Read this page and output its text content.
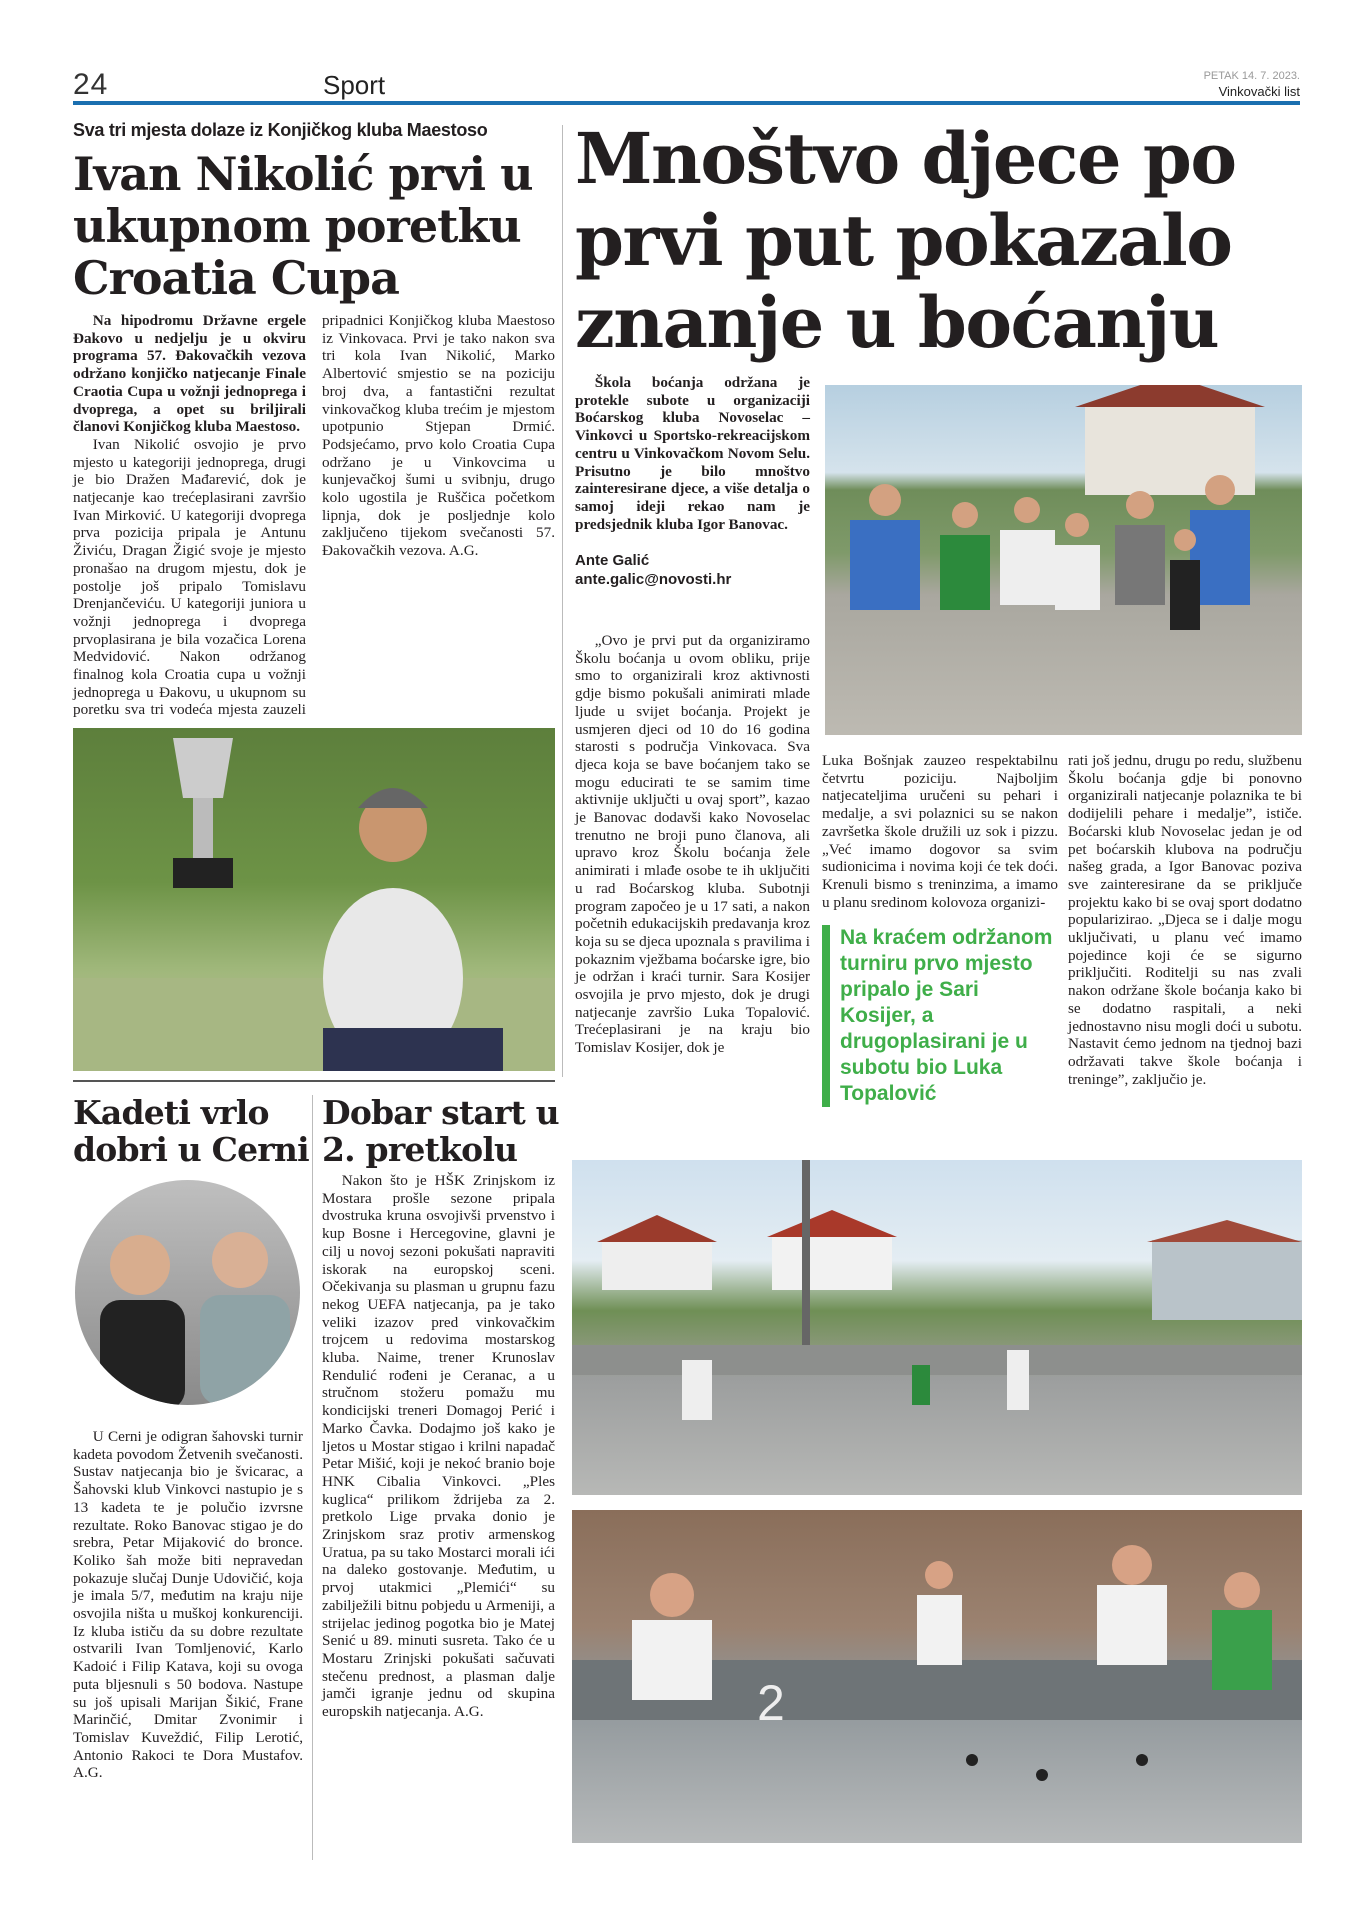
24	Sport	PETAK 14. 7. 2023.
Vinkovački list
Sva tri mjesta dolaze iz Konjičkog kluba Maestoso
Ivan Nikolić prvi u ukupnom poretku Croatia Cupa

Na hipodromu Državne ergele Đakovo u nedjelju je u okviru programa 57. Đakovačkih vezova održano konjičko natjecanje Finale Craotia Cupa u vožnji jednoprega i dvoprega, a opet su briljirali članovi Konjičkog kluba Maestoso.

Ivan Nikolić osvojio je prvo mjesto u kategoriji jednoprega, drugi je bio Dražen Mađarević, dok je natjecanje kao trećeplasirani završio Ivan Mirković. U kategoriji dvoprega prva pozicija pripala je Antunu Živiću, Dragan Žigić svoje je mjesto pronašao na drugom mjestu, dok je postolje još pripalo Tomislavu Drenjančeviću. U kategoriji juniora u vožnji jednoprega i dvoprega prvoplasirana je bila vozačica Lorena Medvidović. Nakon održanog finalnog kola Croatia cupa u vožnji jednoprega u Đakovu, u ukupnom su poretku sva tri vodeća mjesta zauzeli pripadnici Konjičkog kluba Maestoso iz Vinkovaca. Prvi je tako nakon sva tri kola Ivan Nikolić, Marko Albertović smjestio se na poziciju broj dva, a fantastični rezultat vinkovačkog kluba trećim je mjestom upotpunio Stjepan Drmić. Podsjećamo, prvo kolo Croatia Cupa održano je u Vinkovcima u kunjevačkoj šumi u svibnju, drugo kolo ugostila je Ruščica početkom lipnja, dok je posljednje kolo zaključeno tijekom svečanosti 57. Đakovačkih vezova. A.G.

Kadeti vrlo dobri u Cerni

U Cerni je odigran šahovski turnir kadeta povodom Žetvenih svečanosti. Sustav natjecanja bio je švicarac, a Šahovski klub Vinkovci nastupio je s 13 kadeta te je polučio izvrsne rezultate. Roko Banovac stigao je do srebra, Petar Mijaković do bronce. Koliko šah može biti nepravedan pokazuje slučaj Dunje Udovičić, koja je imala 5/7, međutim na kraju nije osvojila ništa u muškoj konkurenciji. Iz kluba ističu da su dobre rezultate ostvarili Ivan Tomljenović, Karlo Kadoić i Filip Katava, koji su ovoga puta bljesnuli s 50 bodova. Nastupe su još upisali Marijan Šikić, Frane Marinčić, Dmitar Zvonimir i Tomislav Kuveždić, Filip Lerotić, Antonio Rakoci te Dora Mustafov. A.G.

Dobar start u 2. pretkolu

Nakon što je HŠK Zrinjskom iz Mostara prošle sezone pripala dvostruka kruna osvojivši prvenstvo i kup Bosne i Hercegovine, glavni je cilj u novoj sezoni pokušati napraviti iskorak na europskoj sceni. Očekivanja su plasman u grupnu fazu nekog UEFA natjecanja, pa je tako veliki izazov pred vinkovačkim trojcem u redovima mostarskog kluba. Naime, trener Krunoslav Rendulić rođeni je Ceranac, a u stručnom stožeru pomažu mu kondicijski treneri Domagoj Perić i Marko Čavka. Dodajmo još kako je ljetos u Mostar stigao i krilni napadač Petar Mišić, koji je nekoć branio boje HNK Cibalia Vinkovci. „Ples kuglica“ prilikom ždrijeba za 2. pretkolo Lige prvaka donio je Zrinjskom sraz protiv armenskog Uratua, pa su tako Mostarci morali ići na daleko gostovanje. Međutim, u prvoj utakmici „Plemići“ su zabilježili bitnu pobjedu u Armeniji, a strijelac jedinog pogotka bio je Matej Senić u 89. minuti susreta. Tako će u Mostaru Zrinjski pokušati sačuvati stečenu prednost, a plasman dalje jamči igranje jednu od skupina europskih natjecanja. A.G.

Mnoštvo djece po prvi put pokazalo znanje u boćanju

Škola boćanja održana je protekle subote u organizaciji Boćarskog kluba Novoselac – Vinkovci u Sportsko-rekreacijskom centru u Vinkovačkom Novom Selu. Prisutno je bilo mnoštvo zainteresirane djece, a više detalja o samoj ideji rekao nam je predsjednik kluba Igor Banovac.

Ante Galić
ante.galic@novosti.hr

„Ovo je prvi put da organiziramo Školu boćanja u ovom obliku, prije smo to organizirali kroz aktivnosti gdje bismo pokušali animirati mlade ljude u svijet boćanja. Projekt je usmjeren djeci od 10 do 16 godina starosti s područja Vinkovaca. Sva djeca koja se bave boćanjem tako se mogu educirati te se samim time aktivnije uključti u ovaj sport”, kazao je Banovac dodavši kako Novoselac trenutno ne broji puno članova, ali upravo kroz Školu boćanja žele animirati i mlađe osobe te ih uključiti u rad Boćarskog kluba. Subotnji program započeo je u 17 sati, a nakon početnih edukacijskih predavanja kroz koja su se djeca upoznala s pravilima i pokaznim vježbama boćarske igre, bio je održan i kraći turnir. Sara Kosijer osvojila je prvo mjesto, dok je drugi natjecanje završio Luka Topalović. Trećeplasirani je na kraju bio Tomislav Kosijer, dok je

Luka Bošnjak zauzeo respektabilnu četvrtu poziciju. Najboljim natjecateljima uručeni su pehari i medalje, a svi polaznici su se nakon završetka škole družili uz sok i pizzu. „Već imamo dogovor sa svim sudionicima i novima koji će tek doći. Krenuli bismo s treninzima, a imamo u planu sredinom kolovoza organizi-

Na kraćem održanom turniru prvo mjesto pripalo je Sari Kosijer, a drugoplasirani je u subotu bio Luka Topalović

rati još jednu, drugu po redu, službenu Školu boćanja gdje bi ponovno organizirali natjecanje polaznika te bi dodijelili pehare i medalje”, ističe. Boćarski klub Novoselac jedan je od pet boćarskih klubova na području našeg grada, a Igor Banovac poziva sve zainteresirane da se priključe projektu kako bi se ovaj sport dodatno popularizirao. „Djeca se i dalje mogu uključivati, u planu već imamo pojedince koji će se sigurno priključiti. Roditelji su nas zvali nakon održane škole boćanja kako bi se dodatno raspitali, a neki jednostavno nisu mogli doći u subotu. Nastavit ćemo jednom na tjednoj bazi održavati takve škole boćanja i treninge”, zaključio je.

2
